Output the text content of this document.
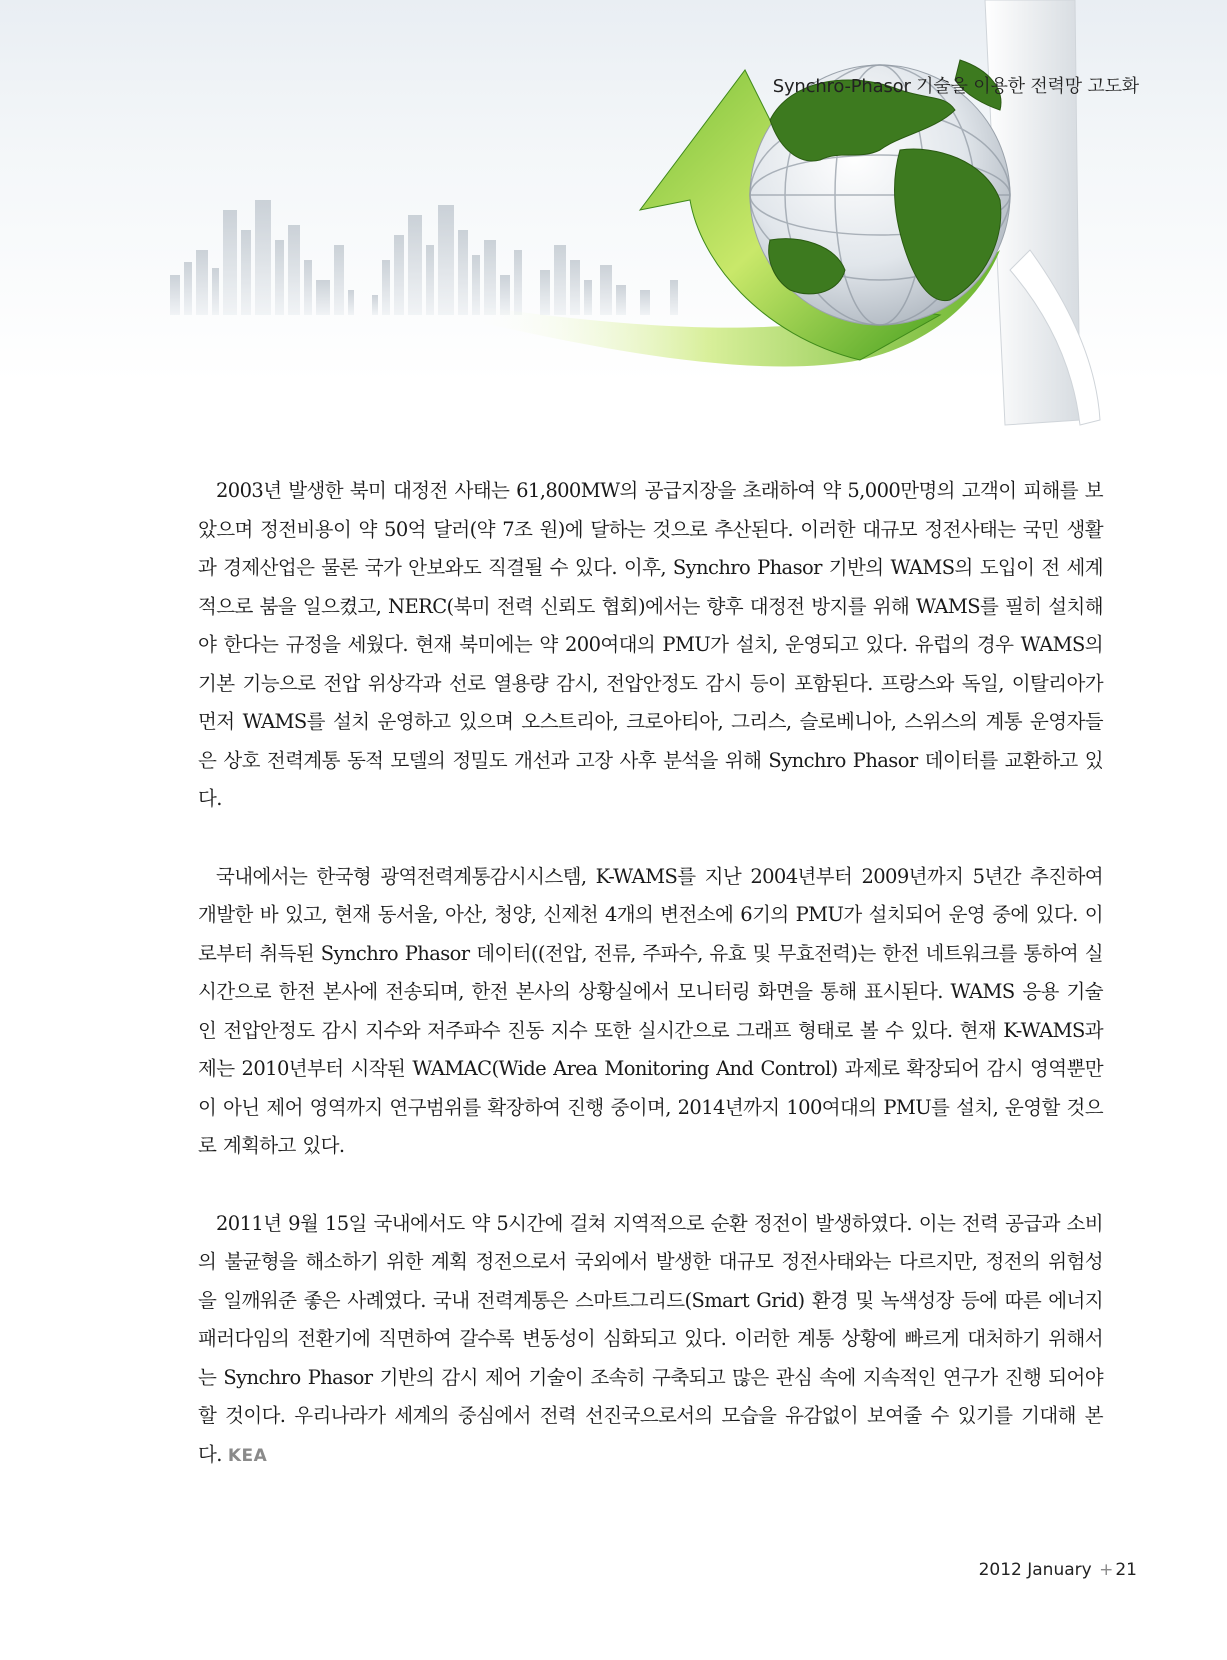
Synchro-Phasor 기술을 이용한 전력망 고도화

2003년 발생한 북미 대정전 사태는 61,800MW의 공급지장을 초래하여 약 5,000만명의 고객이 피해를 보았으며 정전비용이 약 50억 달러(약 7조 원)에 달하는 것으로 추산된다. 이러한 대규모 정전사태는 국민 생활과 경제산업은 물론 국가 안보와도 직결될 수 있다. 이후, Synchro Phasor 기반의 WAMS의 도입이 전 세계적으로 붐을 일으켰고, NERC(북미 전력 신뢰도 협회)에서는 향후 대정전 방지를 위해 WAMS를 필히 설치해야 한다는 규정을 세웠다. 현재 북미에는 약 200여대의 PMU가 설치, 운영되고 있다. 유럽의 경우 WAMS의 기본 기능으로 전압 위상각과 선로 열용량 감시, 전압안정도 감시 등이 포함된다. 프랑스와 독일, 이탈리아가 먼저 WAMS를 설치 운영하고 있으며 오스트리아, 크로아티아, 그리스, 슬로베니아, 스위스의 계통 운영자들은 상호 전력계통 동적 모델의 정밀도 개선과 고장 사후 분석을 위해 Synchro Phasor 데이터를 교환하고 있다.

국내에서는 한국형 광역전력계통감시시스템, K-WAMS를 지난 2004년부터 2009년까지 5년간 추진하여 개발한 바 있고, 현재 동서울, 아산, 청양, 신제천 4개의 변전소에 6기의 PMU가 설치되어 운영 중에 있다. 이로부터 취득된 Synchro Phasor 데이터((전압, 전류, 주파수, 유효 및 무효전력)는 한전 네트워크를 통하여 실시간으로 한전 본사에 전송되며, 한전 본사의 상황실에서 모니터링 화면을 통해 표시된다. WAMS 응용 기술인 전압안정도 감시 지수와 저주파수 진동 지수 또한 실시간으로 그래프 형태로 볼 수 있다. 현재 K-WAMS과제는 2010년부터 시작된 WAMAC(Wide Area Monitoring And Control) 과제로 확장되어 감시 영역뿐만이 아닌 제어 영역까지 연구범위를 확장하여 진행 중이며, 2014년까지 100여대의 PMU를 설치, 운영할 것으로 계획하고 있다.

2011년 9월 15일 국내에서도 약 5시간에 걸쳐 지역적으로 순환 정전이 발생하였다. 이는 전력 공급과 소비의 불균형을 해소하기 위한 계획 정전으로서 국외에서 발생한 대규모 정전사태와는 다르지만, 정전의 위험성을 일깨워준 좋은 사례였다. 국내 전력계통은 스마트그리드(Smart Grid) 환경 및 녹색성장 등에 따른 에너지 패러다임의 전환기에 직면하여 갈수록 변동성이 심화되고 있다. 이러한 계통 상황에 빠르게 대처하기 위해서는 Synchro Phasor 기반의 감시 제어 기술이 조속히 구축되고 많은 관심 속에 지속적인 연구가 진행 되어야 할 것이다. 우리나라가 세계의 중심에서 전력 선진국으로서의 모습을 유감없이 보여줄 수 있기를 기대해 본다. KEA

2012 January + 21
